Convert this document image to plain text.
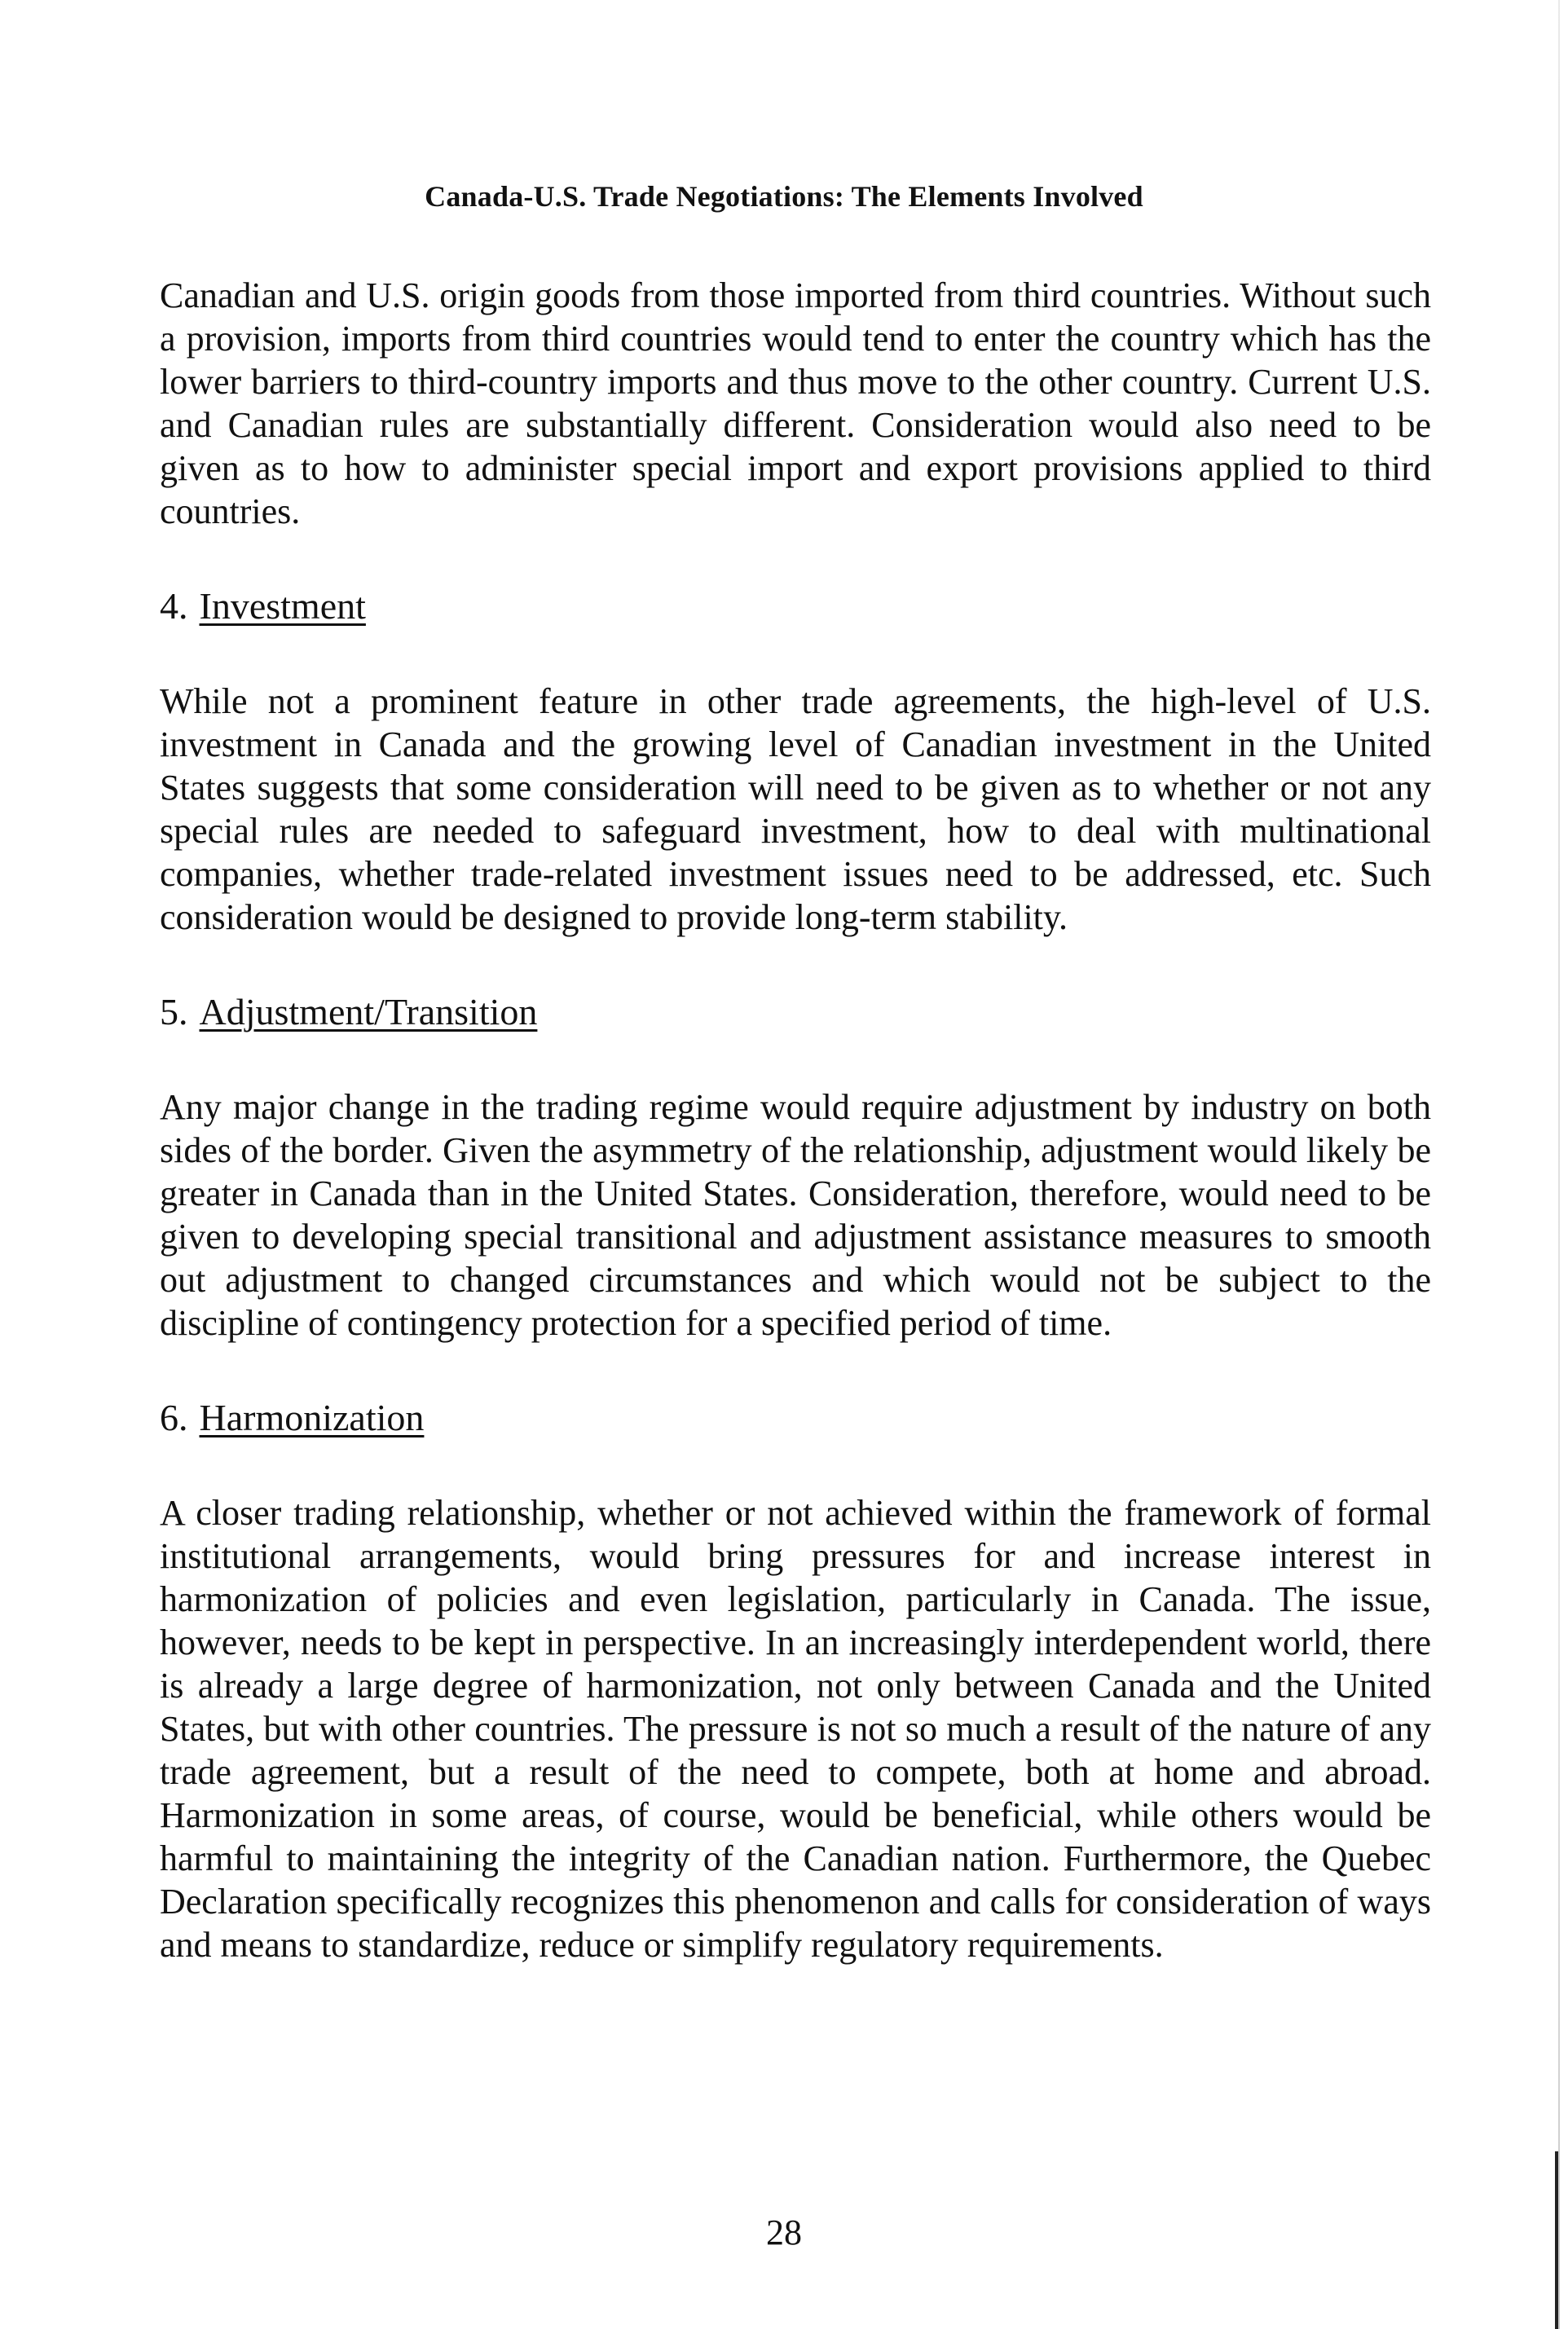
Canada-U.S. Trade Negotiations: The Elements Involved

Canadian and U.S. origin goods from those imported from third countries. Without such a provision, imports from third countries would tend to enter the country which has the lower barriers to third-country imports and thus move to the other country. Current U.S. and Canadian rules are substantially different. Consideration would also need to be given as to how to administer special import and export provisions applied to third countries.

4. Investment

While not a prominent feature in other trade agreements, the high-level of U.S. investment in Canada and the growing level of Canadian investment in the United States suggests that some consideration will need to be given as to whether or not any special rules are needed to safeguard investment, how to deal with multinational companies, whether trade-related investment issues need to be addressed, etc. Such consideration would be designed to provide long-term stability.

5. Adjustment/Transition

Any major change in the trading regime would require adjustment by industry on both sides of the border. Given the asymmetry of the relationship, adjustment would likely be greater in Canada than in the United States. Consideration, therefore, would need to be given to developing special transitional and adjustment assistance measures to smooth out adjustment to changed circumstances and which would not be subject to the discipline of contingency protection for a specified period of time.

6. Harmonization

A closer trading relationship, whether or not achieved within the framework of formal institutional arrangements, would bring pressures for and increase interest in harmonization of policies and even legislation, particularly in Canada. The issue, however, needs to be kept in perspective. In an increasingly interdependent world, there is already a large degree of harmonization, not only between Canada and the United States, but with other countries. The pressure is not so much a result of the nature of any trade agreement, but a result of the need to compete, both at home and abroad. Harmonization in some areas, of course, would be beneficial, while others would be harmful to maintaining the integrity of the Canadian nation. Furthermore, the Quebec Declaration specifically recognizes this phenomenon and calls for consideration of ways and means to standardize, reduce or simplify regulatory requirements.

28
